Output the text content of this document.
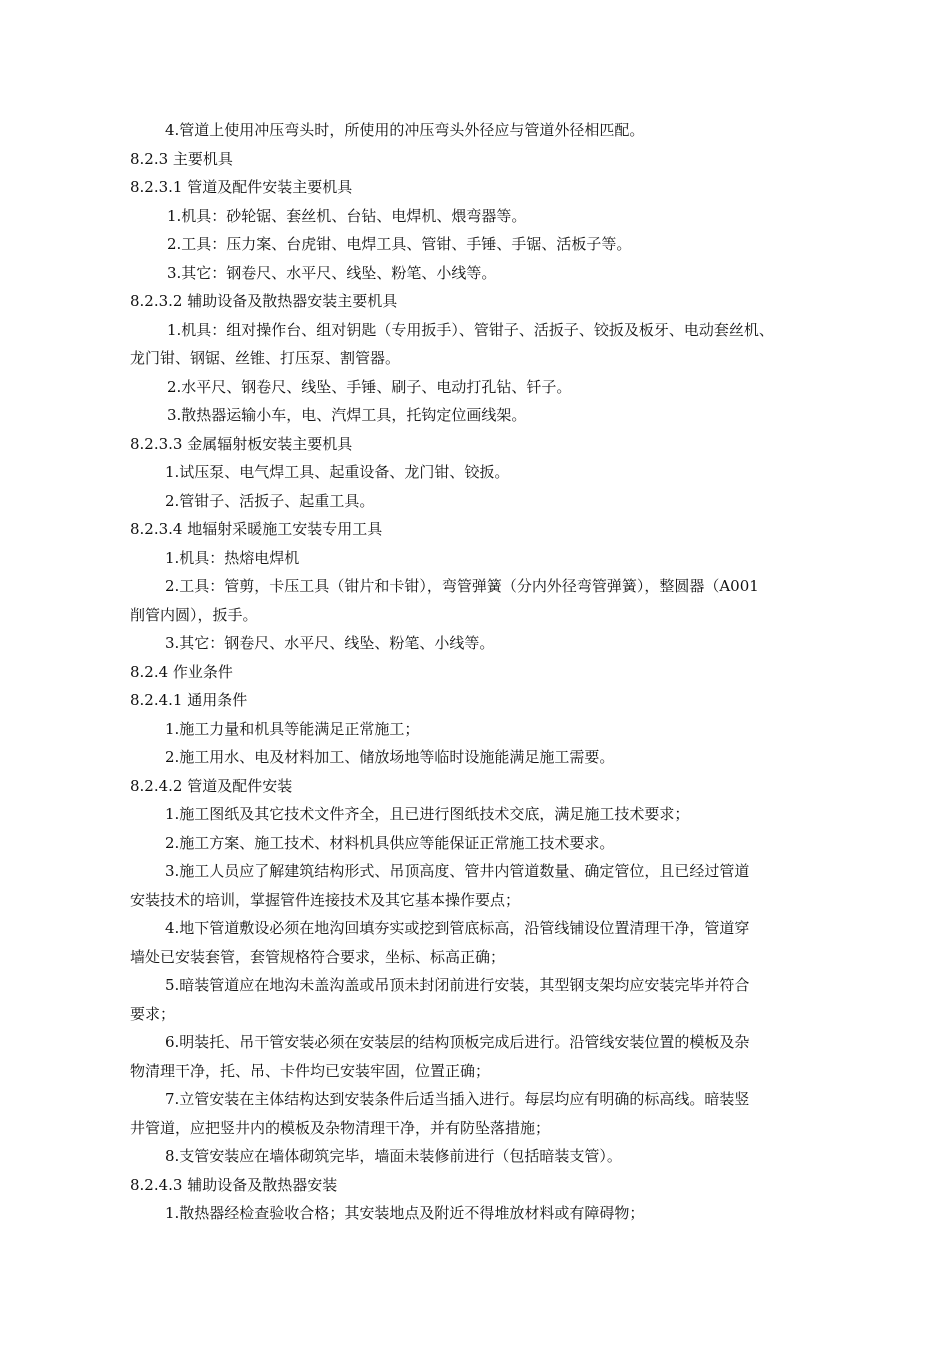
4.管道上使用冲压弯头时，所使用的冲压弯头外径应与管道外径相匹配。
8.2.3 主要机具
8.2.3.1 管道及配件安装主要机具
1.机具：砂轮锯、套丝机、台钻、电焊机、煨弯器等。
2.工具：压力案、台虎钳、电焊工具、管钳、手锤、手锯、活板子等。
3.其它：钢卷尺、水平尺、线坠、粉笔、小线等。
8.2.3.2 辅助设备及散热器安装主要机具
1.机具：组对操作台、组对钥匙（专用扳手）、管钳子、活扳子、铰扳及板牙、电动套丝机、
龙门钳、钢锯、丝锥、打压泵、割管器。
2.水平尺、钢卷尺、线坠、手锤、刷子、电动打孔钻、钎子。
3.散热器运输小车，电、汽焊工具，托钩定位画线架。
8.2.3.3 金属辐射板安装主要机具
1.试压泵、电气焊工具、起重设备、龙门钳、铰扳。
2.管钳子、活扳子、起重工具。
8.2.3.4 地辐射采暖施工安装专用工具
1.机具：热熔电焊机
2.工具：管剪，卡压工具（钳片和卡钳），弯管弹簧（分内外径弯管弹簧），整圆器（A001
削管内圆），扳手。
3.其它：钢卷尺、水平尺、线坠、粉笔、小线等。
8.2.4 作业条件
8.2.4.1 通用条件
1.施工力量和机具等能满足正常施工；
2.施工用水、电及材料加工、储放场地等临时设施能满足施工需要。
8.2.4.2 管道及配件安装
1.施工图纸及其它技术文件齐全，且已进行图纸技术交底，满足施工技术要求；
2.施工方案、施工技术、材料机具供应等能保证正常施工技术要求。
3.施工人员应了解建筑结构形式、吊顶高度、管井内管道数量、确定管位，且已经过管道
安装技术的培训，掌握管件连接技术及其它基本操作要点；
4.地下管道敷设必须在地沟回填夯实或挖到管底标高，沿管线铺设位置清理干净，管道穿
墙处已安装套管，套管规格符合要求，坐标、标高正确；
5.暗装管道应在地沟未盖沟盖或吊顶未封闭前进行安装，其型钢支架均应安装完毕并符合
要求；
6.明装托、吊干管安装必须在安装层的结构顶板完成后进行。沿管线安装位置的模板及杂
物清理干净，托、吊、卡件均已安装牢固，位置正确；
7.立管安装在主体结构达到安装条件后适当插入进行。每层均应有明确的标高线。暗装竖
井管道，应把竖井内的模板及杂物清理干净，并有防坠落措施；
8.支管安装应在墙体砌筑完毕，墙面未装修前进行（包括暗装支管）。
8.2.4.3 辅助设备及散热器安装
1.散热器经检查验收合格；其安装地点及附近不得堆放材料或有障碍物；
